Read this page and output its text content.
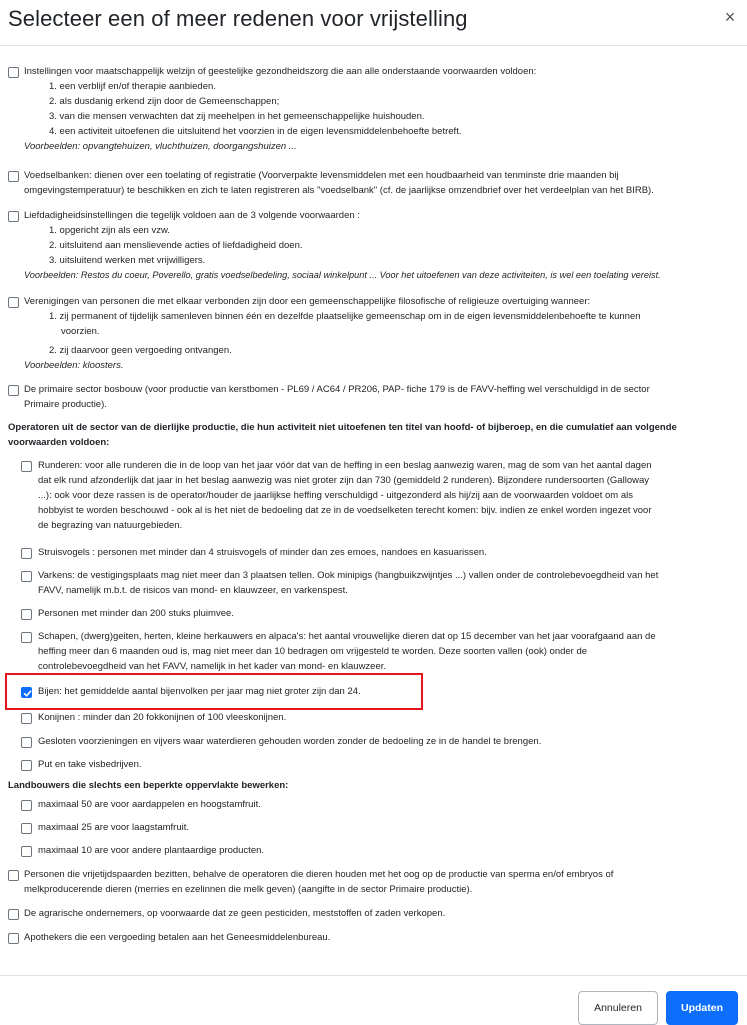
Selecteer een of meer redenen voor vrijstelling	×
Instellingen voor maatschappelijk welzijn of geestelijke gezondheidszorg die aan alle onderstaande voorwaarden voldoen:
1. een verblijf en/of therapie aanbieden.
2. als dusdanig erkend zijn door de Gemeenschappen;
3. van die mensen verwachten dat zij meehelpen in het gemeenschappelijke huishouden.
4. een activiteit uitoefenen die uitsluitend het voorzien in de eigen levensmiddelenbehoefte betreft.
Voorbeelden: opvangtehuizen, vluchthuizen, doorgangshuizen ...
Voedselbanken: dienen over een toelating of registratie (Voorverpakte levensmiddelen met een houdbaarheid van tenminste drie maanden bij
omgevingstemperatuur) te beschikken en zich te laten registreren als "voedselbank" (cf. de jaarlijkse omzendbrief over het verdeelplan van het BIRB).
Liefdadigheidsinstellingen die tegelijk voldoen aan de 3 volgende voorwaarden :
1. opgericht zijn als een vzw.
2. uitsluitend aan menslievende acties of liefdadigheid doen.
3. uitsluitend werken met vrijwilligers.
Voorbeelden: Restos du coeur, Poverello, gratis voedselbedeling, sociaal winkelpunt ... Voor het uitoefenen van deze activiteiten, is wel een toelating vereist.
Verenigingen van personen die met elkaar verbonden zijn door een gemeenschappelijke filosofische of religieuze overtuiging wanneer:
1. zij permanent of tijdelijk samenleven binnen één en dezelfde plaatselijke gemeenschap om in de eigen levensmiddelenbehoefte te kunnen
voorzien.
2. zij daarvoor geen vergoeding ontvangen.
Voorbeelden: kloosters.
De primaire sector bosbouw (voor productie van kerstbomen - PL69 / AC64 / PR206, PAP- fiche 179 is de FAVV-heffing wel verschuldigd in de sector
Primaire productie).
Operatoren uit de sector van de dierlijke productie, die hun activiteit niet uitoefenen ten titel van hoofd- of bijberoep, en die cumulatief aan volgende voorwaarden voldoen:
Runderen: voor alle runderen die in de loop van het jaar vóór dat van de heffing in een beslag aanwezig waren, mag de som van het aantal dagen
dat elk rund afzonderlijk dat jaar in het beslag aanwezig was niet groter zijn dan 730 (gemiddeld 2 runderen). Bijzondere rundersoorten (Galloway
...): ook voor deze rassen is de operator/houder de jaarlijkse heffing verschuldigd - uitgezonderd als hij/zij aan de voorwaarden voldoet om als
hobbyist te worden beschouwd - ook al is het niet de bedoeling dat ze in de voedselketen terecht komen: bijv. indien ze enkel worden ingezet voor
de begrazing van natuurgebieden.
Struisvogels : personen met minder dan 4 struisvogels of minder dan zes emoes, nandoes en kasuarissen.
Varkens: de vestigingsplaats mag niet meer dan 3 plaatsen tellen. Ook minipigs (hangbuikzwijntjes ...) vallen onder de controlebevoegdheid van het
FAVV, namelijk m.b.t. de risicos van mond- en klauwzeer, en varkenspest.
Personen met minder dan 200 stuks pluimvee.
Schapen, (dwerg)geiten, herten, kleine herkauwers en alpaca's: het aantal vrouwelijke dieren dat op 15 december van het jaar voorafgaand aan de
heffing meer dan 6 maanden oud is, mag niet meer dan 10 bedragen om vrijgesteld te worden. Deze soorten vallen (ook) onder de
controlebevoegdheid van het FAVV, namelijk in het kader van mond- en klauwzeer.
Bijen: het gemiddelde aantal bijenvolken per jaar mag niet groter zijn dan 24.
Konijnen : minder dan 20 fokkonijnen of 100 vleeskonijnen.
Gesloten voorzieningen en vijvers waar waterdieren gehouden worden zonder de bedoeling ze in de handel te brengen.
Put en take visbedrijven.
Landbouwers die slechts een beperkte oppervlakte bewerken:
maximaal 50 are voor aardappelen en hoogstamfruit.
maximaal 25 are voor laagstamfruit.
maximaal 10 are voor andere plantaardige producten.
Personen die vrijetijdspaarden bezitten, behalve de operatoren die dieren houden met het oog op de productie van sperma en/of embryos of
melkproducerende dieren (merries en ezelinnen die melk geven) (aangifte in de sector Primaire productie).
De agrarische ondernemers, op voorwaarde dat ze geen pesticiden, meststoffen of zaden verkopen.
Apothekers die een vergoeding betalen aan het Geneesmiddelenbureau.
Annuleren	Updaten
